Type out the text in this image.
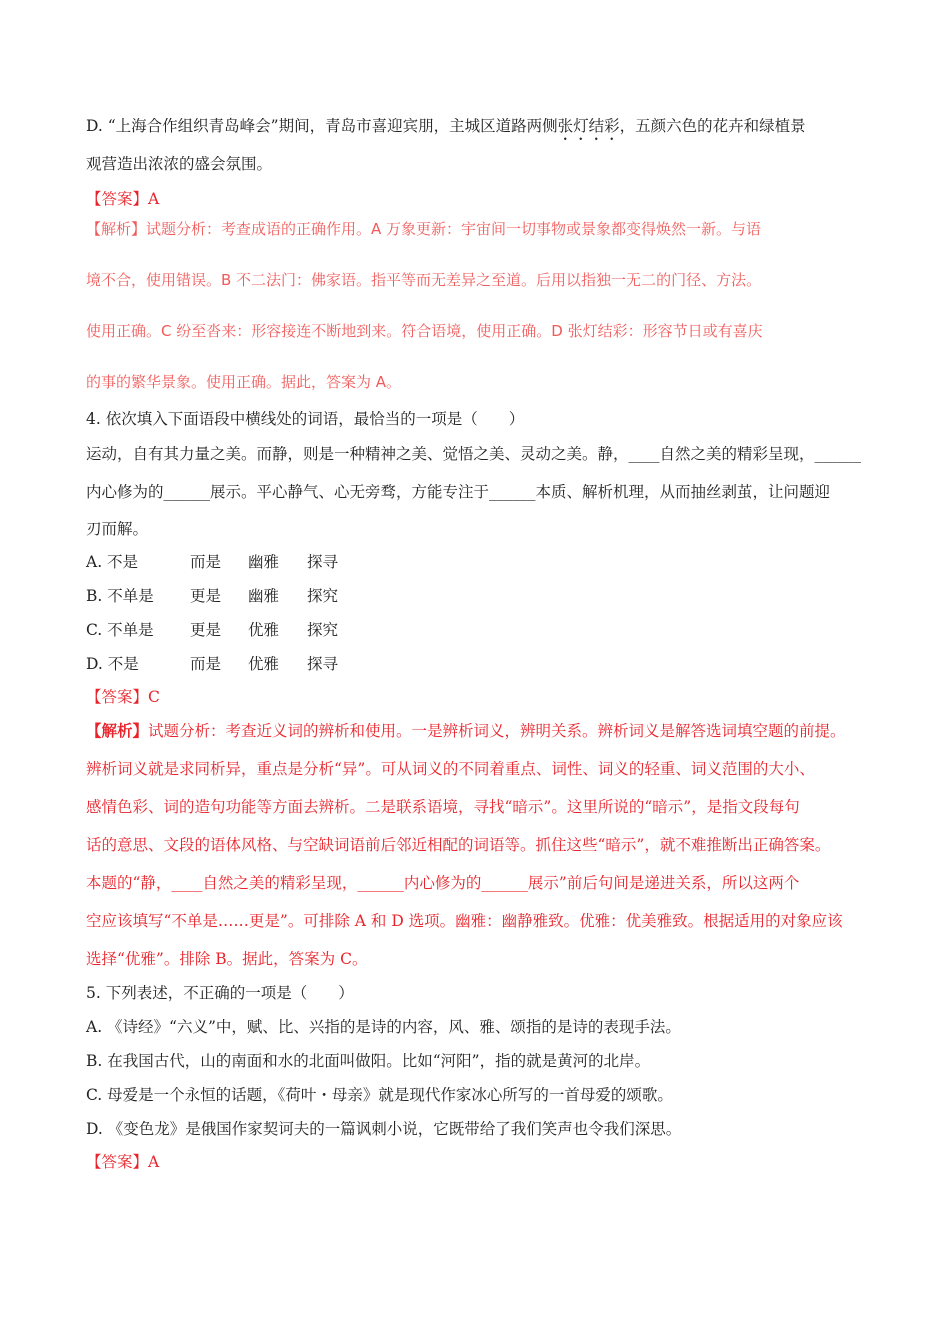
D. “上海合作组织青岛峰会”期间，青岛市喜迎宾朋，主城区道路两侧张灯结彩，五颜六色的花卉和绿植景
观营造出浓浓的盛会氛围。
【答案】A
【解析】试题分析：考查成语的正确作用。A 万象更新：宇宙间一切事物或景象都变得焕然一新。与语
境不合，使用错误。B 不二法门：佛家语。指平等而无差异之至道。后用以指独一无二的门径、方法。
使用正确。C 纷至沓来：形容接连不断地到来。符合语境，使用正确。D 张灯结彩：形容节日或有喜庆
的事的繁华景象。使用正确。据此，答案为 A。
4. 依次填入下面语段中横线处的词语，最恰当的一项是（　　）
运动，自有其力量之美。而静，则是一种精神之美、觉悟之美、灵动之美。静，____自然之美的精彩呈现，______
内心修为的______展示。平心静气、心无旁骛，方能专注于______本质、解析机理，从而抽丝剥茧，让问题迎
刃而解。
A. 不是	而是 幽雅 探寻
B. 不单是 更是 幽雅 探究
C. 不单是 更是 优雅 探究
D. 不是	而是 优雅 探寻
【答案】C
【解析】试题分析：考查近义词的辨析和使用。一是辨析词义，辨明关系。辨析词义是解答选词填空题的前提。
辨析词义就是求同析异，重点是分析“异”。可从词义的不同着重点、词性、词义的轻重、词义范围的大小、
感情色彩、词的造句功能等方面去辨析。二是联系语境，寻找“暗示”。这里所说的“暗示”，是指文段每句
话的意思、文段的语体风格、与空缺词语前后邻近相配的词语等。抓住这些“暗示”，就不难推断出正确答案。
本题的“静，____自然之美的精彩呈现，______内心修为的______展示”前后句间是递进关系，所以这两个
空应该填写“不单是……更是”。可排除 A 和 D 选项。幽雅：幽静雅致。优雅：优美雅致。根据适用的对象应该
选择“优雅”。排除 B。据此，答案为 C。
5. 下列表述，不正确的一项是（　　）
A. 《诗经》“六义”中，赋、比、兴指的是诗的内容，风、雅、颂指的是诗的表现手法。
B. 在我国古代，山的南面和水的北面叫做阳。比如“河阳”，指的就是黄河的北岸。
C. 母爱是一个永恒的话题，《荷叶・母亲》就是现代作家冰心所写的一首母爱的颂歌。
D. 《变色龙》是俄国作家契诃夫的一篇讽刺小说，它既带给了我们笑声也令我们深思。
【答案】A
